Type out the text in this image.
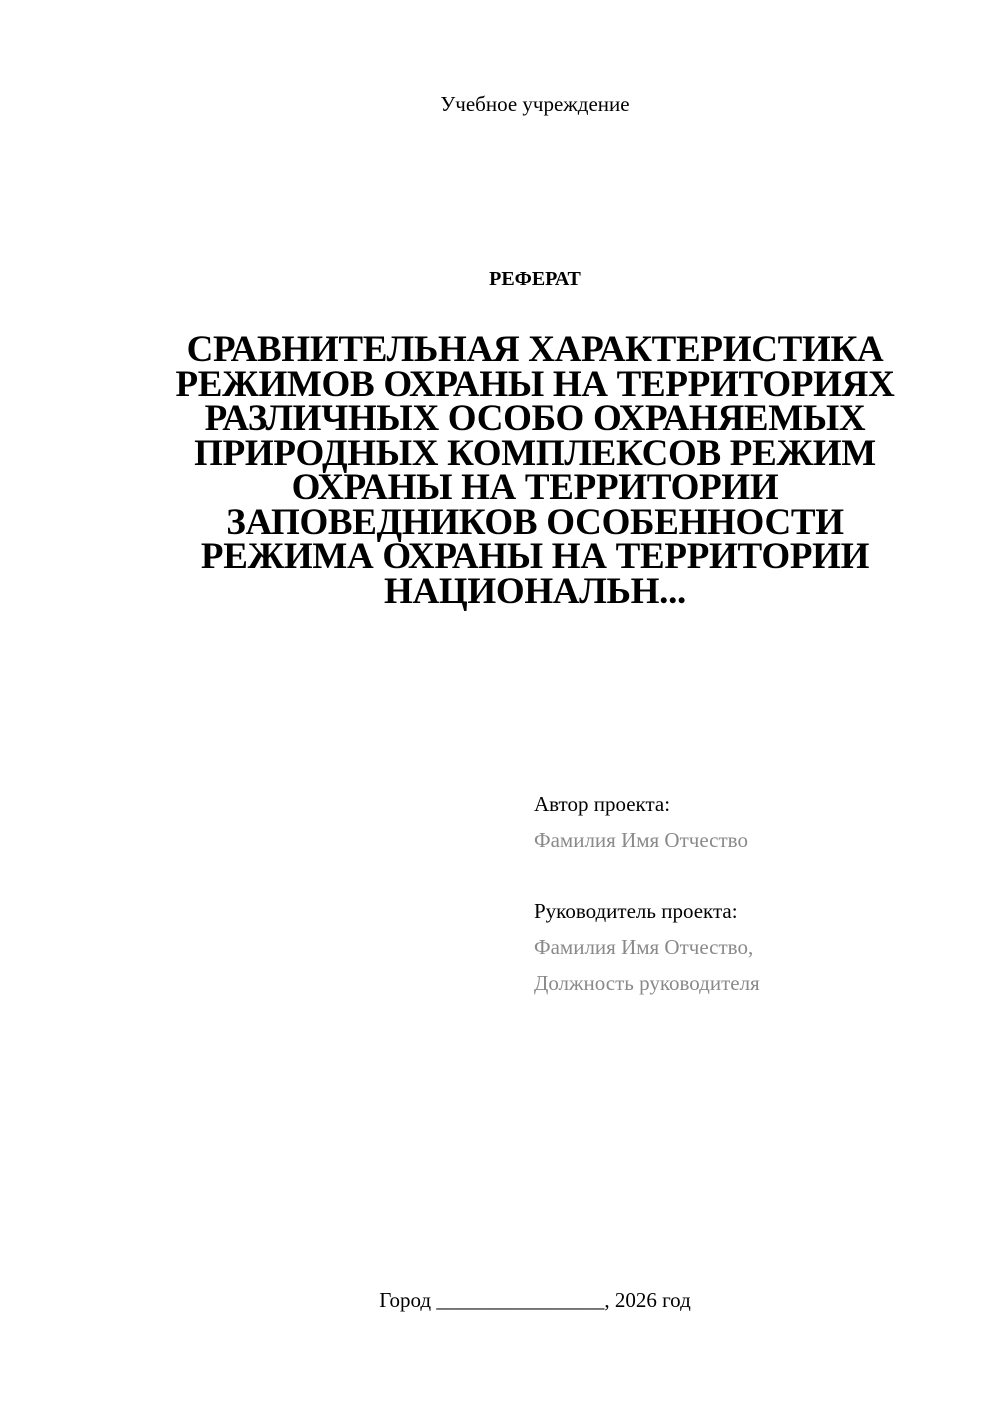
Учебное учреждение
РЕФЕРАТ
СРАВНИТЕЛЬНАЯ ХАРАКТЕРИСТИКА
РЕЖИМОВ ОХРАНЫ НА ТЕРРИТОРИЯХ
РАЗЛИЧНЫХ ОСОБО ОХРАНЯЕМЫХ
ПРИРОДНЫХ КОМПЛЕКСОВ РЕЖИМ
ОХРАНЫ НА ТЕРРИТОРИИ
ЗАПОВЕДНИКОВ ОСОБЕННОСТИ
РЕЖИМА ОХРАНЫ НА ТЕРРИТОРИИ
НАЦИОНАЛЬН...
Автор проекта:
Фамилия Имя Отчество
Руководитель проекта:
Фамилия Имя Отчество,
Должность руководителя
Город ________________, 2026 год
